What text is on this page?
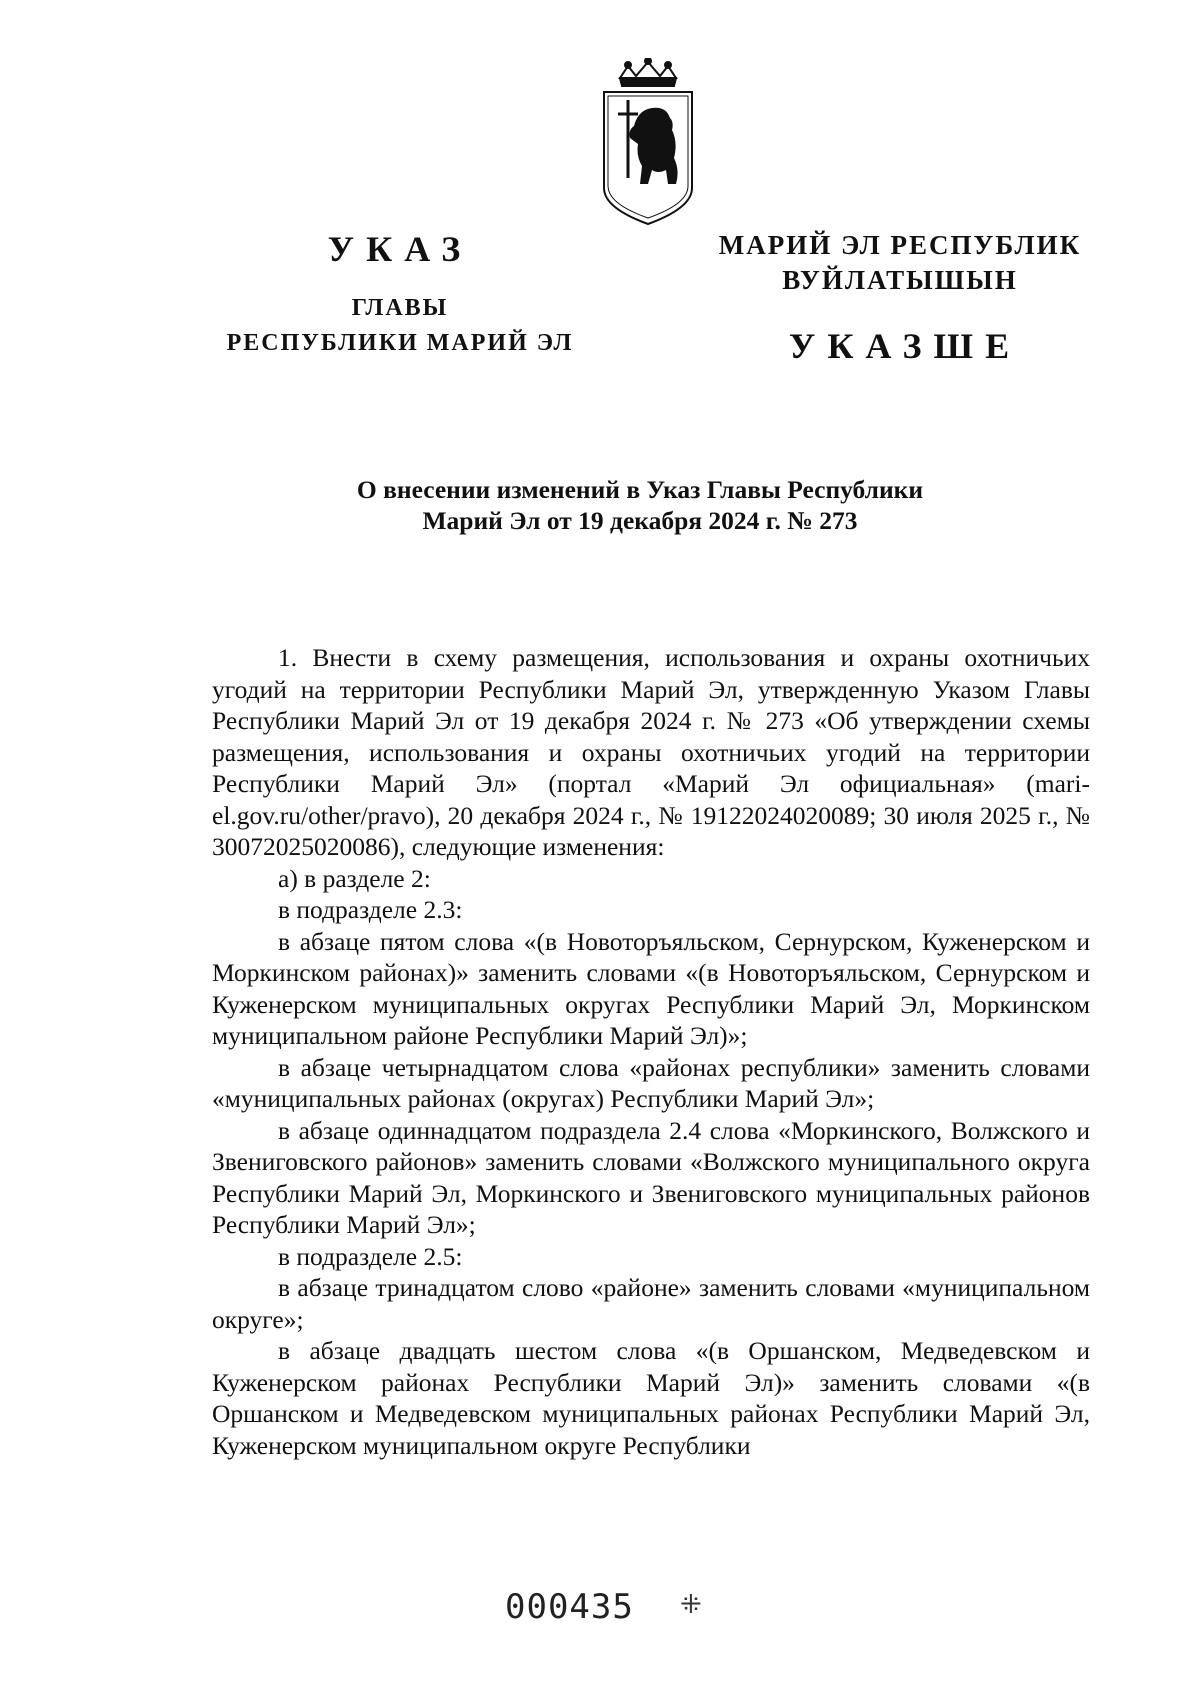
УКАЗ
ГЛАВЫ
РЕСПУБЛИКИ МАРИЙ ЭЛ
МАРИЙ ЭЛ РЕСПУБЛИК
ВУЙЛАТЫШЫН
УКАЗШЕ
О внесении изменений в Указ Главы Республики
Марий Эл от 19 декабря 2024 г. № 273

1. Внести в схему размещения, использования и охраны охотничьих угодий на территории Республики Марий Эл, утвержденную Указом Главы Республики Марий Эл от 19 декабря 2024 г. № 273 «Об утверждении схемы размещения, использования и охраны охотничьих угодий на территории Республики Марий Эл» (портал «Марий Эл официальная» (mari-el.gov.ru/other/pravo), 20 декабря 2024 г., № 19122024020089; 30 июля 2025 г., № 30072025020086), следующие изменения:

а) в разделе 2:

в подразделе 2.3:

в абзаце пятом слова «(в Новоторъяльском, Сернурском, Куженерском и Моркинском районах)» заменить словами «(в Новоторъяльском, Сернурском и Куженерском муниципальных округах Республики Марий Эл, Моркинском муниципальном районе Республики Марий Эл)»;

в абзаце четырнадцатом слова «районах республики» заменить словами «муниципальных районах (округах) Республики Марий Эл»;

в абзаце одиннадцатом подраздела 2.4 слова «Моркинского, Волжского и Звениговского районов» заменить словами «Волжского муниципального округа Республики Марий Эл, Моркинского и Звениговского муниципальных районов Республики Марий Эл»;

в подразделе 2.5:

в абзаце тринадцатом слово «районе» заменить словами «муниципальном округе»;

в абзаце двадцать шестом слова «(в Оршанском, Медведевском и Куженерском районах Республики Марий Эл)» заменить словами «(в Оршанском и Медведевском муниципальных районах Республики Марий Эл, Куженерском муниципальном округе Республики

000435 ⁜
